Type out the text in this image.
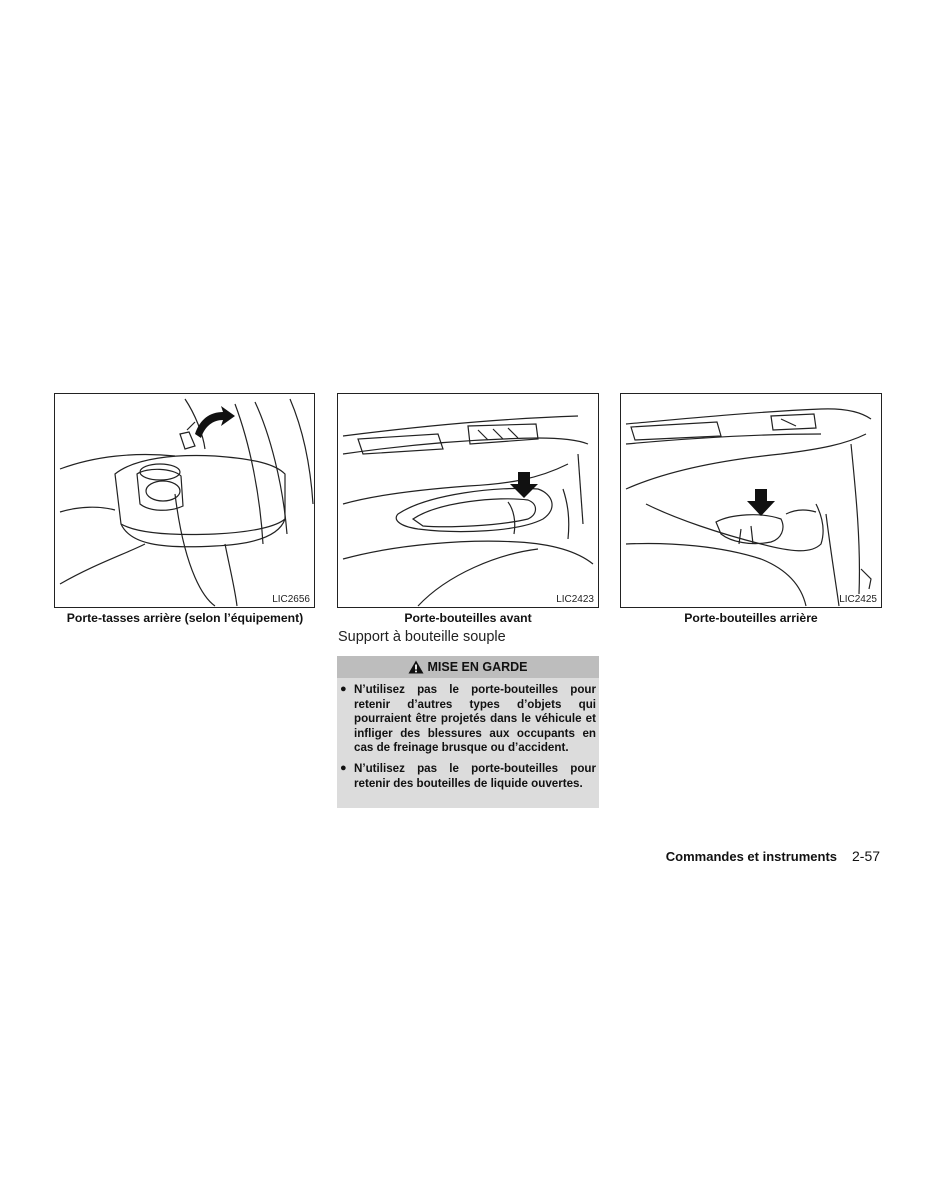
LIC2656
Porte-tasses arrière (selon l’équipement)
LIC2423
Porte-bouteilles avant
LIC2425
Porte-bouteilles arrière
Support à bouteille souple
MISE EN GARDE
● N’utilisez pas le porte-bouteilles pour retenir d’autres types d’objets qui pourraient être projetés dans le véhicule et infliger des blessures aux occupants en cas de freinage brusque ou d’accident.
● N’utilisez pas le porte-bouteilles pour retenir des bouteilles de liquide ouvertes.
Commandes et instruments 2-57
